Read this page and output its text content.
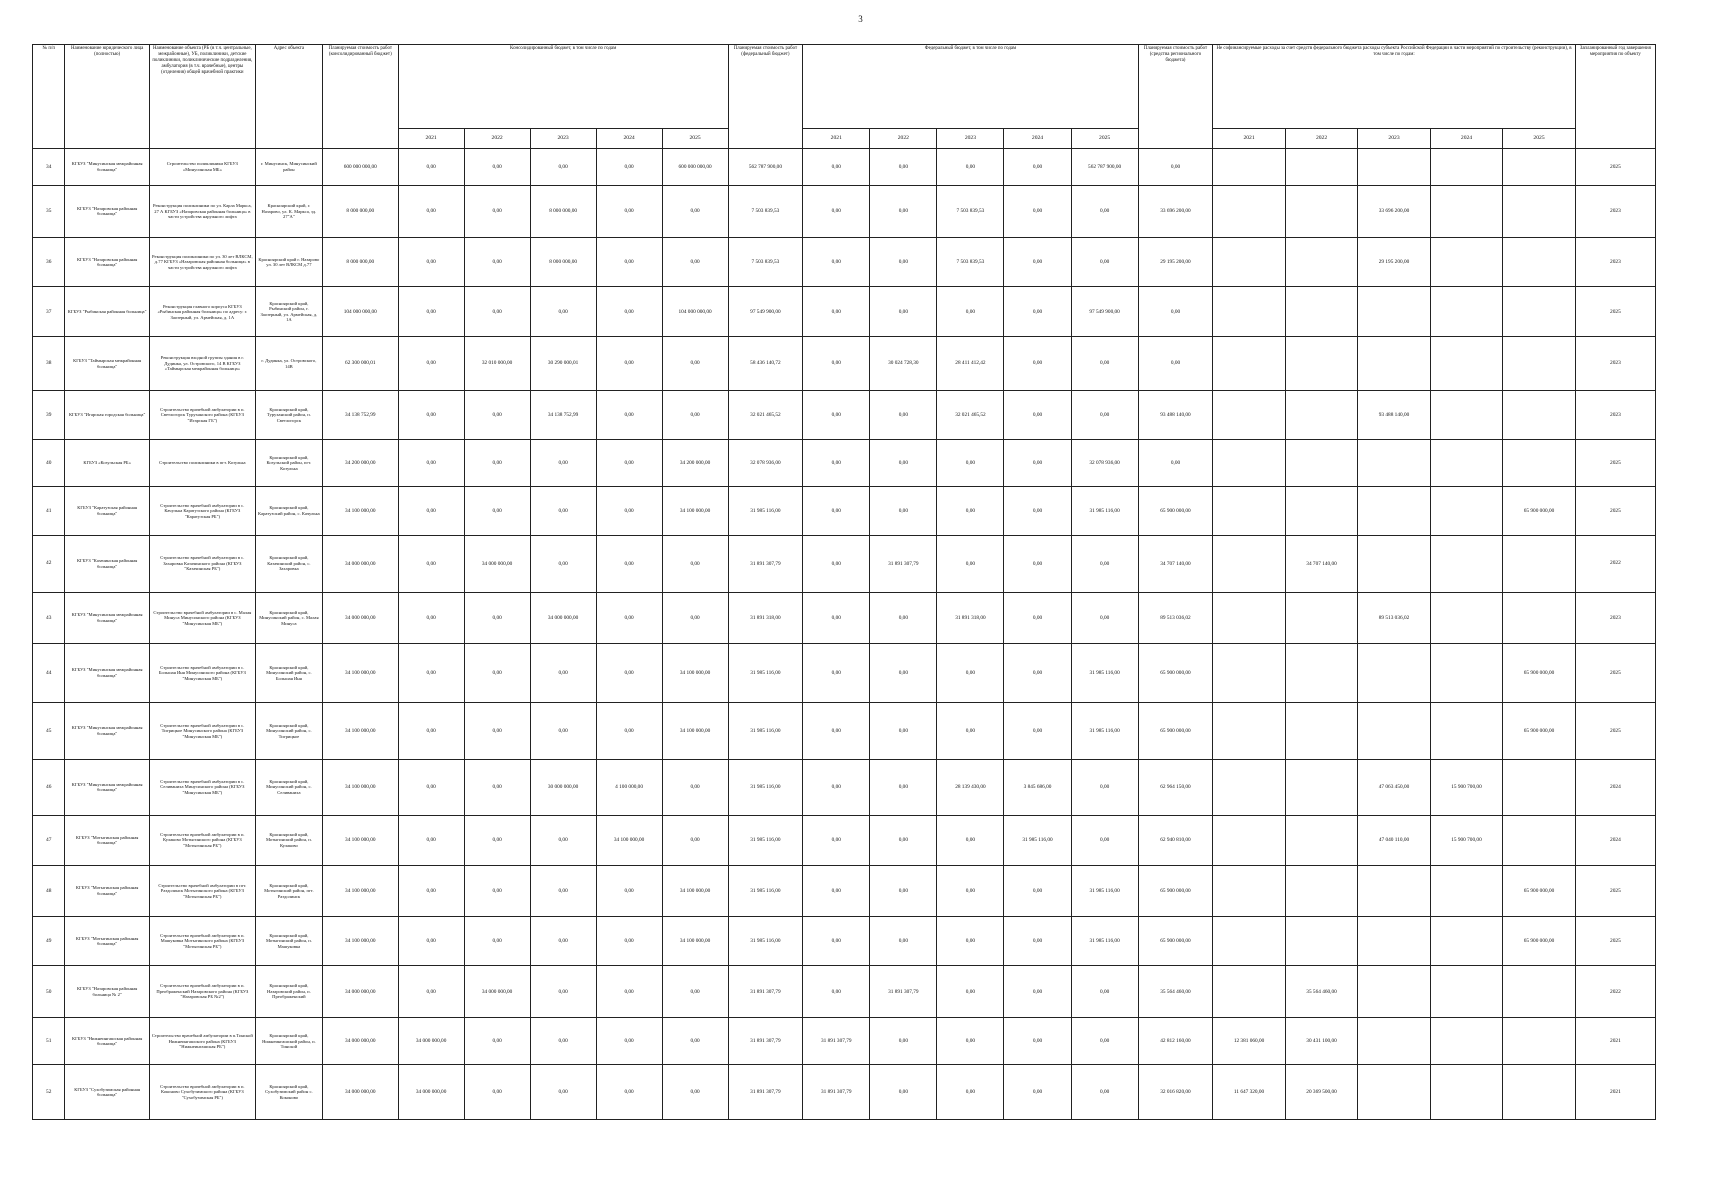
3
№ п/п	Наименование юридического лица (полностью)	Наименование объекта (РБ (в т.ч. центральные, межрайонные), УБ, поликлиники, детские поликлиники, поликлинические подразделения, амбулатория (в т.ч. врачебные), центры (отделения) общей врачебной практики	Адрес объекта	Планируемая стоимость работ (консолидированный бюджет)	Консолидированный бюджет, в том числе по годам					Планируемая стоимость работ (федеральный бюджет)	Федеральный бюджет, в том числе по годам					Планируемая стоимость работ (средства регионального бюджета)	Не софинансируемые расходы за счет средств федерального бюджета расходы субъекта Российской Федерации в части мероприятий по строительству (реконструкции), в том числе по годам:					Запланированный год завершения мероприятия по объекту
					2021	2022	2023	2024	2025		2021	2022	2023	2024	2025		2021	2022	2023	2024	2025	
34	КГБУЗ "Минусинская межрайонная больница"	Строительство поликлиники КГБУЗ «Минусинская МБ»	г. Минусинск, Минусинский район	600 000 000,00	0,00	0,00	0,00	0,00	600 000 000,00	562 787 900,00	0,00	0,00	0,00	0,00	562 787 900,00	0,00						2025
35	КГБУЗ "Назаровская районная больница"	Реконструкция поликлиники по ул. Карла Маркса, 27 А КГБУЗ «Назаровская районная больница» в части устройства наружного лифта	Красноярский край, г. Назарово, ул. К. Маркса, зд. 27"А"	8 000 000,00	0,00	0,00	8 000 000,00	0,00	0,00	7 503 839,53	0,00	0,00	7 503 839,53	0,00	0,00	33 696 200,00			33 696 200,00			2023
36	КГБУЗ "Назаровская районная больница"	Реконструкция поликлиники по ул. 30 лет ВЛКСМ, д.77 КГБУЗ «Назаровская районная больница» в части устройства наружного лифта	Красноярский край г. Назарово ул. 30 лет ВЛКСМ д.77	8 000 000,00	0,00	0,00	8 000 000,00	0,00	0,00	7 503 839,53	0,00	0,00	7 503 839,53	0,00	0,00	29 195 200,00			29 195 200,00			2023
37	КГБУЗ "Рыбинская районная больница"	Реконструкция главного корпуса КГБУЗ «Рыбинская районная больница» по адресу: г. Заозерный, ул. Армейская, д. 1А	Красноярский край, Рыбинский район, г. Заозерный, ул. Армейская, д. 1А	104 000 000,00	0,00	0,00	0,00	0,00	104 000 000,00	97 549 900,00	0,00	0,00	0,00	0,00	97 549 900,00	0,00						2025
38	КГБУЗ "Таймырская межрайонная больница"	Реконструкция входной группы здания в г. Дудинка, ул. Островского, 14 В КГБУЗ «Таймырская межрайонная больница»	г. Дудинка, ул. Островского, 14В	62 300 000,01	0,00	32 010 000,00	30 290 000,01	0,00	0,00	58 436 140,72	0,00	30 024 728,30	28 411 412,42	0,00	0,00	0,00						2023
39	КГБУЗ "Игарская городская больница"	Строительство врачебной амбулатории в п. Светлогорск Туруханского района (КГБУЗ "Игарская ГБ")	Красноярский край, Туруханский район, п. Светлогорск	34 138 752,99	0,00	0,00	34 138 752,99	0,00	0,00	32 021 465,52	0,00	0,00	32 021 465,52	0,00	0,00	93 488 140,00			93 488 140,00			2023
40	КГБУЗ «Козульская РБ»	Строительство поликлиники в пгт. Козулька	Красноярский край, Козульский район, пгт. Козулька	34 200 000,00	0,00	0,00	0,00	0,00	34 200 000,00	32 078 936,00	0,00	0,00	0,00	0,00	32 078 936,00	0,00						2025
41	КГБУЗ "Каратузская районная больница"	Строительство врачебной амбулатории в с. Качулька Каратузского района (КГБУЗ "Каратузская РБ")	Красноярский край, Каратузский район, с. Качулька	34 100 000,00	0,00	0,00	0,00	0,00	34 100 000,00	31 985 116,00	0,00	0,00	0,00	0,00	31 985 116,00	65 900 000,00					65 900 000,00	2025
42	КГБУЗ "Казачинская районная больница"	Строительство врачебной амбулатории в с. Захаровка Казачинского района (КГБУЗ "Казачинская РБ")	Красноярский край, Казачинский район, с. Захаровка	34 000 000,00	0,00	34 000 000,00	0,00	0,00	0,00	31 891 307,79	0,00	31 891 307,79	0,00	0,00	0,00	34 707 140,00		34 707 140,00				2022
43	КГБУЗ "Минусинская межрайонная больница"	Строительство врачебной амбулатории в с. Малая Минуса Минусинского района (КГБУЗ "Минусинская МБ")	Красноярский край, Минусинский район, с. Малая Минуса	34 000 000,00	0,00	0,00	34 000 000,00	0,00	0,00	31 891 318,00	0,00	0,00	31 891 318,00	0,00	0,00	89 513 036,02			89 513 036,02			2023
44	КГБУЗ "Минусинская межрайонная больница"	Строительство врачебной амбулатории в с. Большая Иня Минусинского района (КГБУЗ "Минусинская МБ")	Красноярский край, Минусинский район, с. Большая Иня	34 100 000,00	0,00	0,00	0,00	0,00	34 100 000,00	31 985 116,00	0,00	0,00	0,00	0,00	31 985 116,00	65 900 000,00					65 900 000,00	2025
45	КГБУЗ "Минусинская межрайонная больница"	Строительство врачебной амбулатории в с. Тигрицкое Минусинского района (КГБУЗ "Минусинская МБ")	Красноярский край, Минусинский район, с. Тигрицкое	34 100 000,00	0,00	0,00	0,00	0,00	34 100 000,00	31 985 116,00	0,00	0,00	0,00	0,00	31 985 116,00	65 900 000,00					65 900 000,00	2025
46	КГБУЗ "Минусинская межрайонная больница"	Строительство врачебной амбулатории в с. Селиваниха Минусинского района (КГБУЗ "Минусинская МБ")	Красноярский край, Минусинский район, с. Селиваниха	34 100 000,00	0,00	0,00	30 000 000,00	4 100 000,00	0,00	31 985 116,00	0,00	0,00	28 139 430,00	3 845 686,00	0,00	62 964 150,00			47 063 450,00	15 900 700,00		2024
47	КГБУЗ "Мотыгинская районная больница"	Строительство врачебной амбулатории в п. Кулаково Мотыгинского района (КГБУЗ "Мотыгинская РБ")	Красноярский край, Мотыгинский район, п. Кулаково	34 100 000,00	0,00	0,00	0,00	34 100 000,00	0,00	31 985 116,00	0,00	0,00	0,00	31 985 116,00	0,00	62 940 810,00			47 040 110,00	15 900 700,00		2024
48	КГБУЗ "Мотыгинская районная больница"	Строительство врачебной амбулатории в пгт. Раздолинск Мотыгинского района (КГБУЗ "Мотыгинская РБ")	Красноярский край, Мотыгинский район, пгт. Раздолинск	34 100 000,00	0,00	0,00	0,00	0,00	34 100 000,00	31 985 116,00	0,00	0,00	0,00	0,00	31 985 116,00	65 900 000,00					65 900 000,00	2025
49	КГБУЗ "Мотыгинская районная больница"	Строительство врачебной амбулатории в п. Машуковка Мотыгинского района (КГБУЗ "Мотыгинская РБ")	Красноярский край, Мотыгинский район, п. Машуковка	34 100 000,00	0,00	0,00	0,00	0,00	34 100 000,00	31 985 116,00	0,00	0,00	0,00	0,00	31 985 116,00	65 900 000,00					65 900 000,00	2025
50	КГБУЗ "Назаровская районная больница № 2"	Строительство врачебной амбулатории в п. Преображенский Назаровского района (КГБУЗ "Назаровская РБ №2")	Красноярский край, Назаровский район, п. Преображенский	34 000 000,00	0,00	34 000 000,00	0,00	0,00	0,00	31 891 307,79	0,00	31 891 307,79	0,00	0,00	0,00	35 564 460,00		35 564 460,00				2022
51	КГБУЗ "Нижнеингашская районная больница"	Строительство врачебной амбулатории в п.Тинской Нижнеингашского района (КГБУЗ "Нижнеингашская РБ")	Красноярский край, Нижнеингашский район, п. Тинской	34 000 000,00	34 000 000,00	0,00	0,00	0,00	0,00	31 891 307,79	31 891 307,79	0,00	0,00	0,00	0,00	42 812 160,00	12 381 060,00	30 431 100,00				2021
52	КГБУЗ "Сухобузимская районная больница"	Строительство врачебной амбулатории в п. Коконово Сухобузимского района (КГБУЗ "Сухобузимская РБ")	Красноярский край, Сухобузимский район с. Коконово	34 000 000,00	34 000 000,00	0,00	0,00	0,00	0,00	31 891 307,79	31 891 307,79	0,00	0,00	0,00	0,00	32 016 820,00	11 647 320,00	20 369 500,00				2021
